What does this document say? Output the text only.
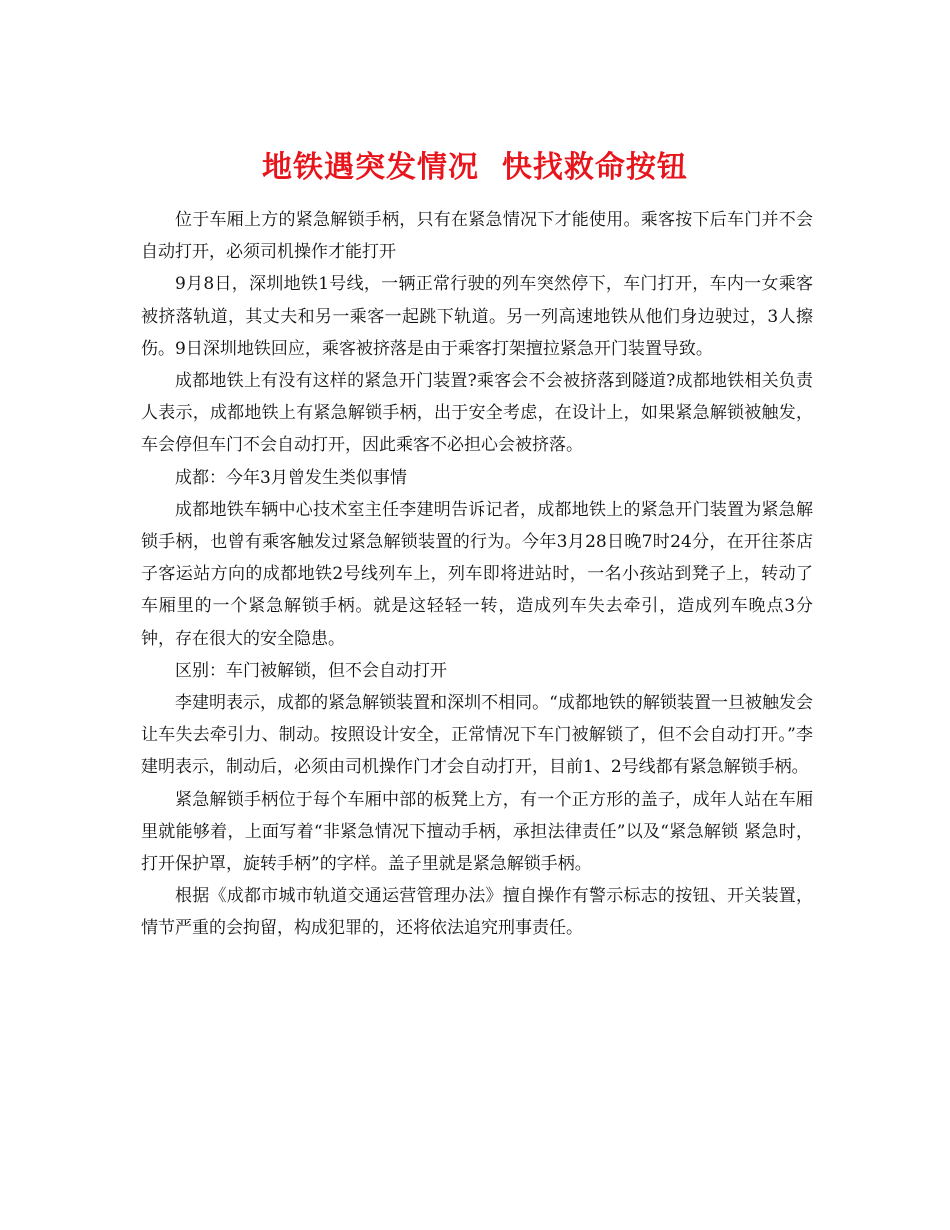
地铁遇突发情况  快找救命按钮

位于车厢上方的紧急解锁手柄，只有在紧急情况下才能使用。乘客按下后车门并不会自动打开，必须司机操作才能打开

9月8日，深圳地铁1号线，一辆正常行驶的列车突然停下，车门打开，车内一女乘客被挤落轨道，其丈夫和另一乘客一起跳下轨道。另一列高速地铁从他们身边驶过，3人擦伤。9日深圳地铁回应，乘客被挤落是由于乘客打架擅拉紧急开门装置导致。

成都地铁上有没有这样的紧急开门装置?乘客会不会被挤落到隧道?成都地铁相关负责人表示，成都地铁上有紧急解锁手柄，出于安全考虑，在设计上，如果紧急解锁被触发，车会停但车门不会自动打开，因此乘客不必担心会被挤落。

成都：今年3月曾发生类似事情

成都地铁车辆中心技术室主任李建明告诉记者，成都地铁上的紧急开门装置为紧急解锁手柄，也曾有乘客触发过紧急解锁装置的行为。今年3月28日晚7时24分，在开往茶店子客运站方向的成都地铁2号线列车上，列车即将进站时，一名小孩站到凳子上，转动了车厢里的一个紧急解锁手柄。就是这轻轻一转，造成列车失去牵引，造成列车晚点3分钟，存在很大的安全隐患。

区别：车门被解锁，但不会自动打开

李建明表示，成都的紧急解锁装置和深圳不相同。“成都地铁的解锁装置一旦被触发会让车失去牵引力、制动。按照设计安全，正常情况下车门被解锁了，但不会自动打开。”李建明表示，制动后，必须由司机操作门才会自动打开，目前1、2号线都有紧急解锁手柄。

紧急解锁手柄位于每个车厢中部的板凳上方，有一个正方形的盖子，成年人站在车厢里就能够着，上面写着“非紧急情况下擅动手柄，承担法律责任”以及“紧急解锁 紧急时，打开保护罩，旋转手柄”的字样。盖子里就是紧急解锁手柄。

根据《成都市城市轨道交通运营管理办法》擅自操作有警示标志的按钮、开关装置，情节严重的会拘留，构成犯罪的，还将依法追究刑事责任。
